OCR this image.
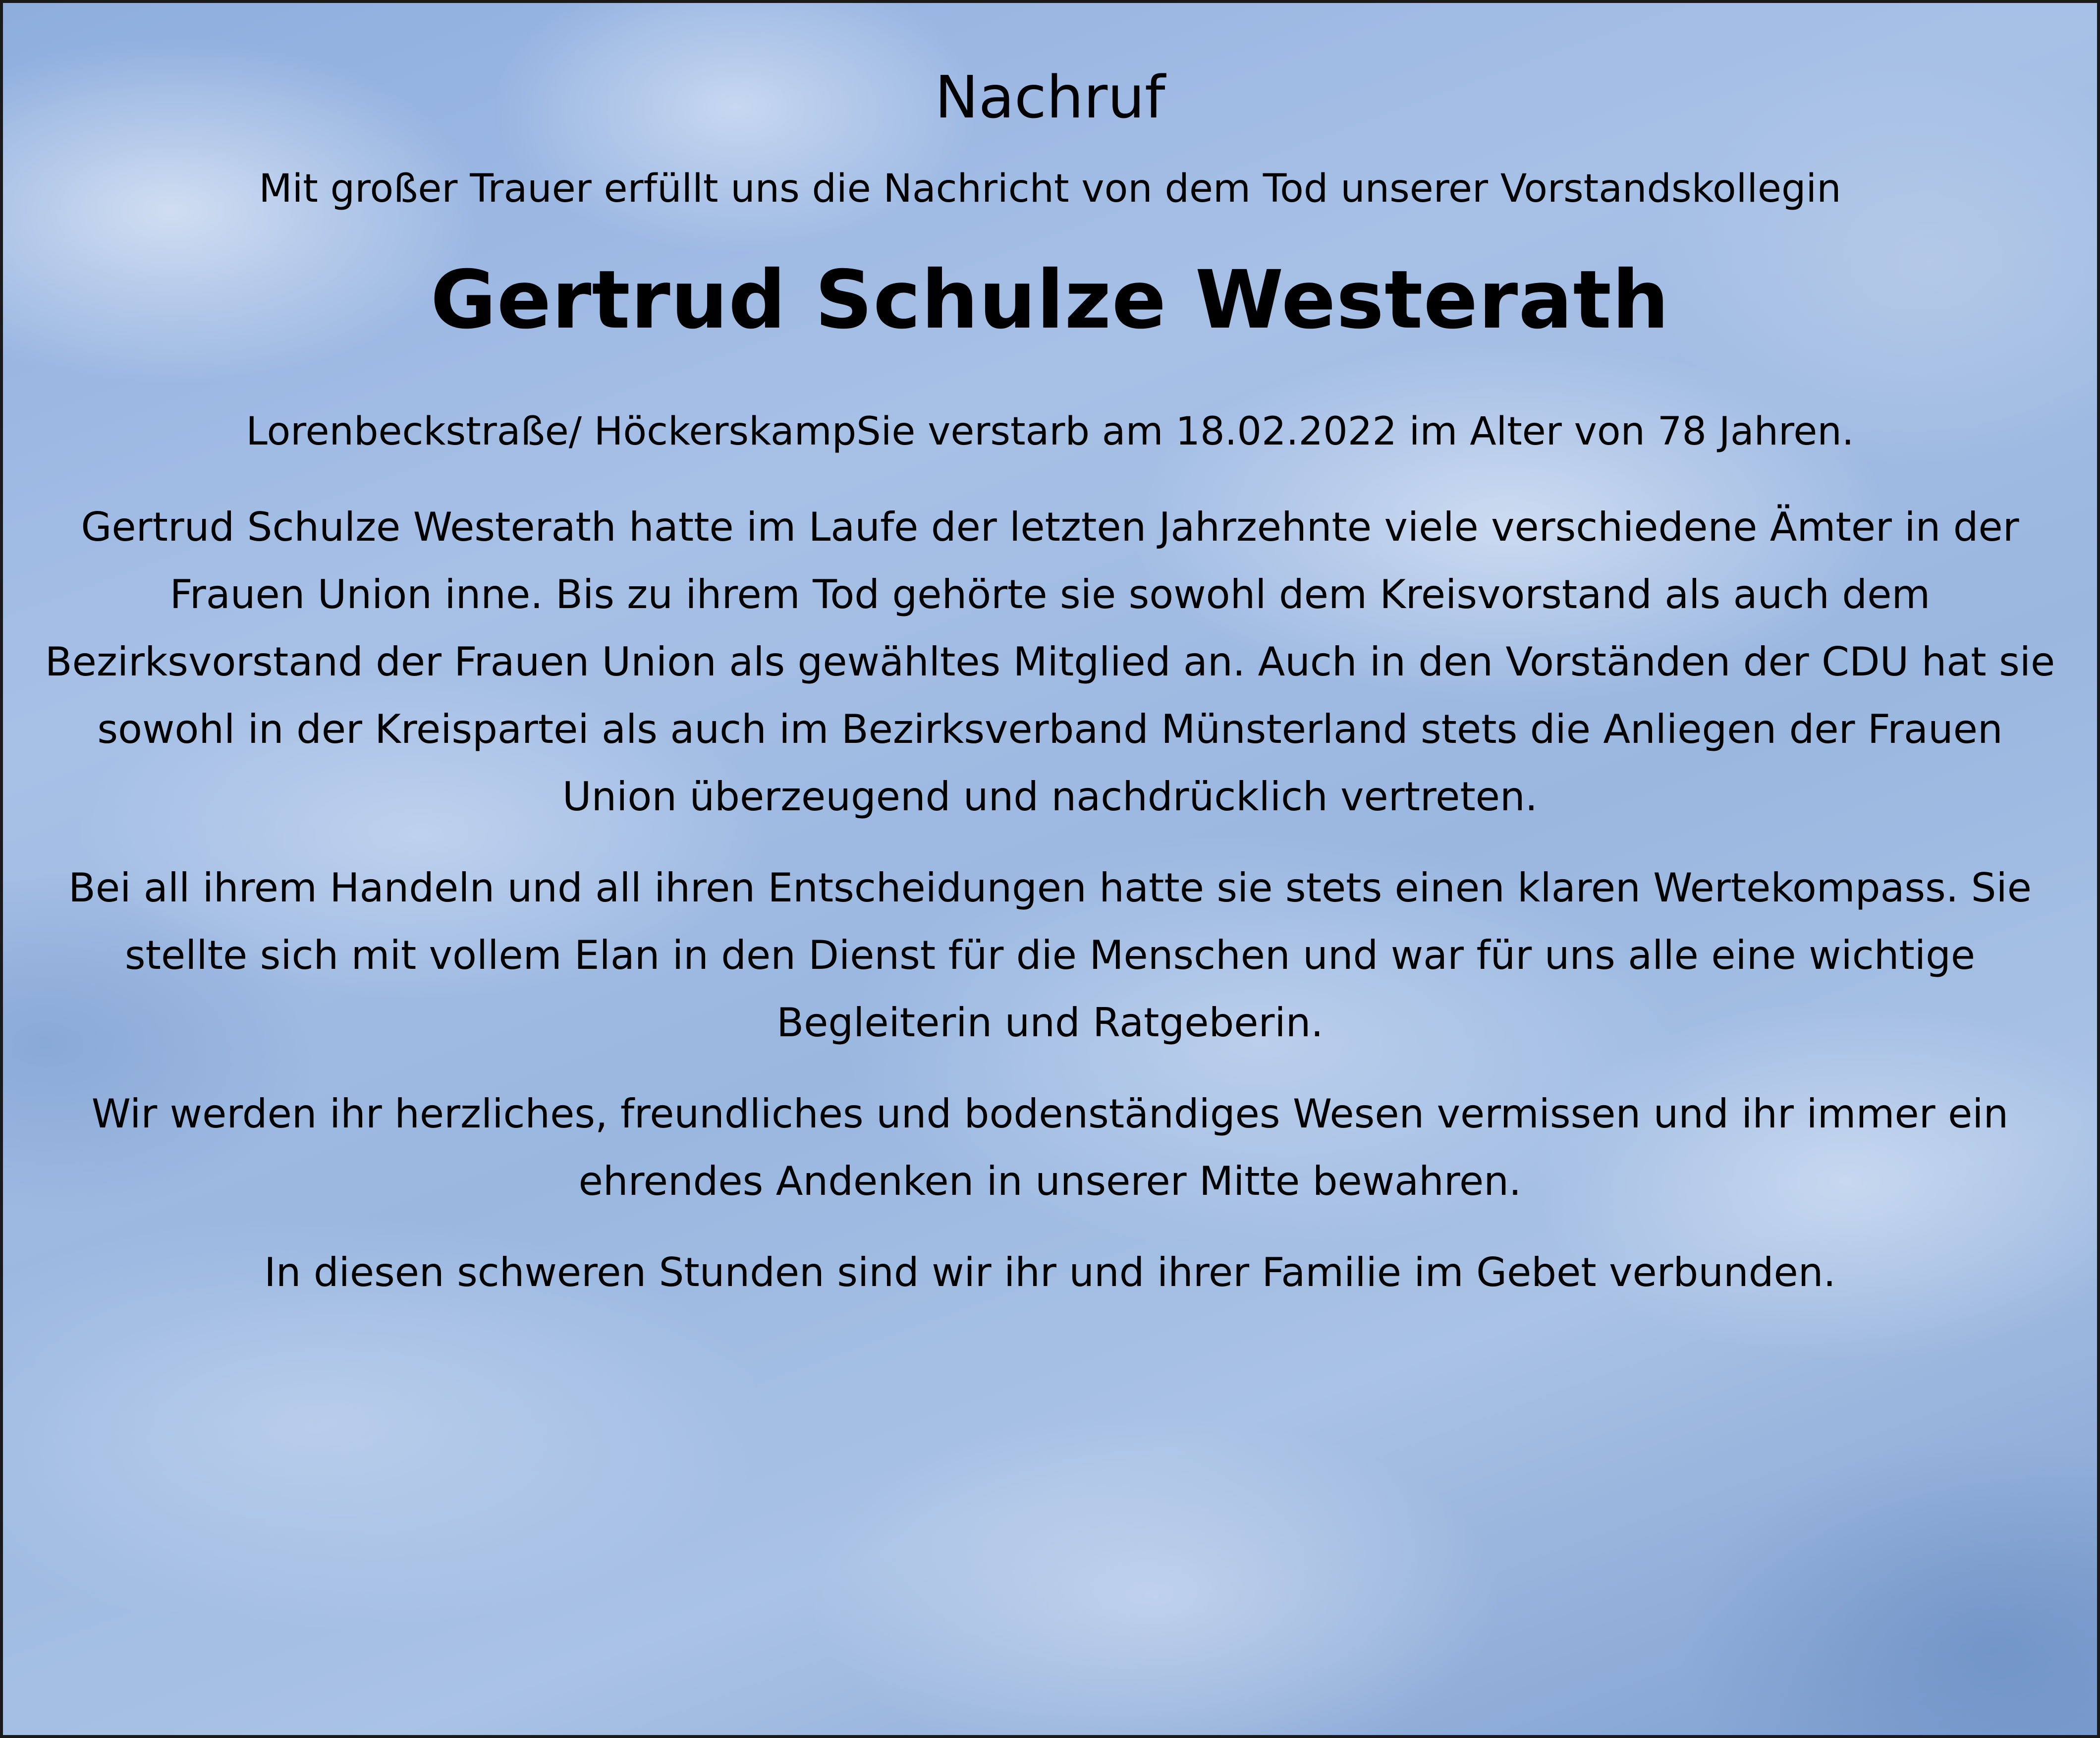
Nachruf

Mit großer Trauer erfüllt uns die Nachricht von dem Tod unserer Vorstandskollegin

Gertrud Schulze Westerath

Lorenbeckstraße/ HöckerskampSie verstarb am 18.02.2022 im Alter von 78 Jahren.

Gertrud Schulze Westerath hatte im Laufe der letzten Jahrzehnte viele verschiedene Ämter in der Frauen Union inne. Bis zu ihrem Tod gehörte sie sowohl dem Kreisvorstand als auch dem Bezirksvorstand der Frauen Union als gewähltes Mitglied an. Auch in den Vorständen der CDU hat sie sowohl in der Kreispartei als auch im Bezirksverband Münsterland stets die Anliegen der Frauen Union überzeugend und nachdrücklich vertreten.

Bei all ihrem Handeln und all ihren Entscheidungen hatte sie stets einen klaren Wertekompass. Sie stellte sich mit vollem Elan in den Dienst für die Menschen und war für uns alle eine wichtige Begleiterin und Ratgeberin.

Wir werden ihr herzliches, freundliches und bodenständiges Wesen vermissen und ihr immer ein ehrendes Andenken in unserer Mitte bewahren.

In diesen schweren Stunden sind wir ihr und ihrer Familie im Gebet verbunden.
